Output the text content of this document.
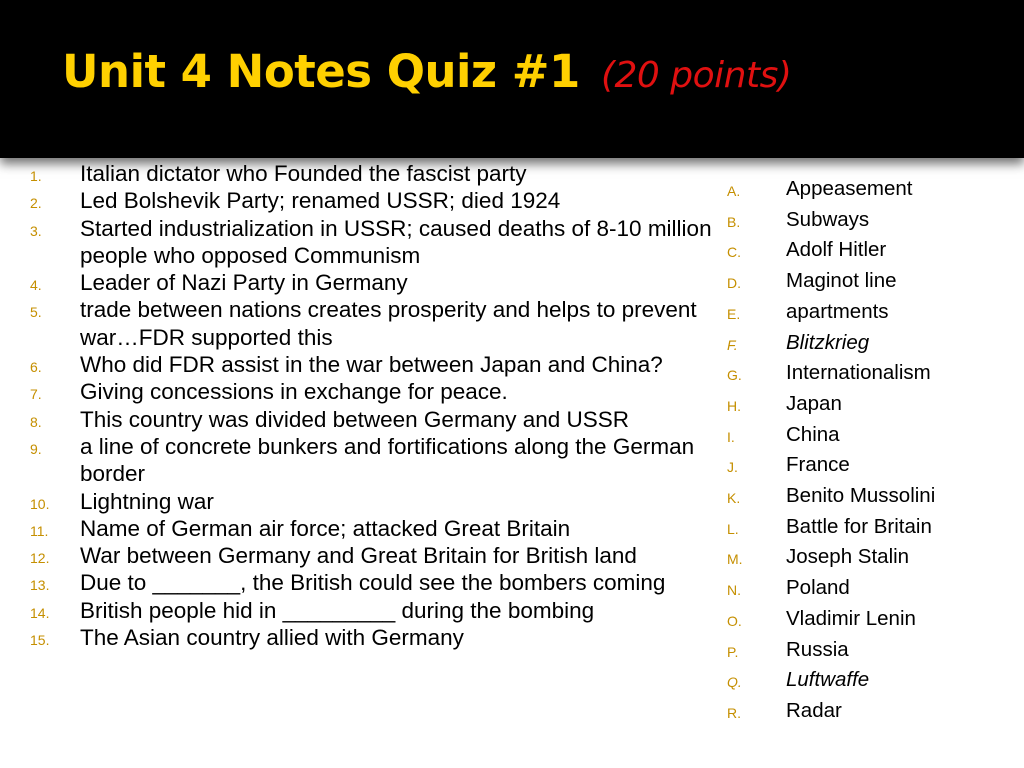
Unit 4 Notes Quiz #1 (20 points)
1. Italian dictator who Founded the fascist party
2. Led Bolshevik Party; renamed USSR; died 1924
3. Started industrialization in USSR; caused deaths of 8-10 million people who opposed Communism
4. Leader of Nazi Party in Germany
5. trade between nations creates prosperity and helps to prevent war…FDR supported this
6. Who did FDR assist in the war between Japan and China?
7. Giving concessions in exchange for peace.
8. This country was divided between Germany and USSR
9. a line of concrete bunkers and fortifications along the German border
10. Lightning war
11. Name of German air force; attacked Great Britain
12. War between Germany and Great Britain for British land
13. Due to _______, the British could see the bombers coming
14. British people hid in _________ during the bombing
15. The Asian country allied with Germany
A. Appeasement
B. Subways
C. Adolf Hitler
D. Maginot line
E. apartments
F. Blitzkrieg
G. Internationalism
H. Japan
I. China
J. France
K. Benito Mussolini
L. Battle for Britain
M. Joseph Stalin
N. Poland
O. Vladimir Lenin
P. Russia
Q. Luftwaffe
R. Radar
